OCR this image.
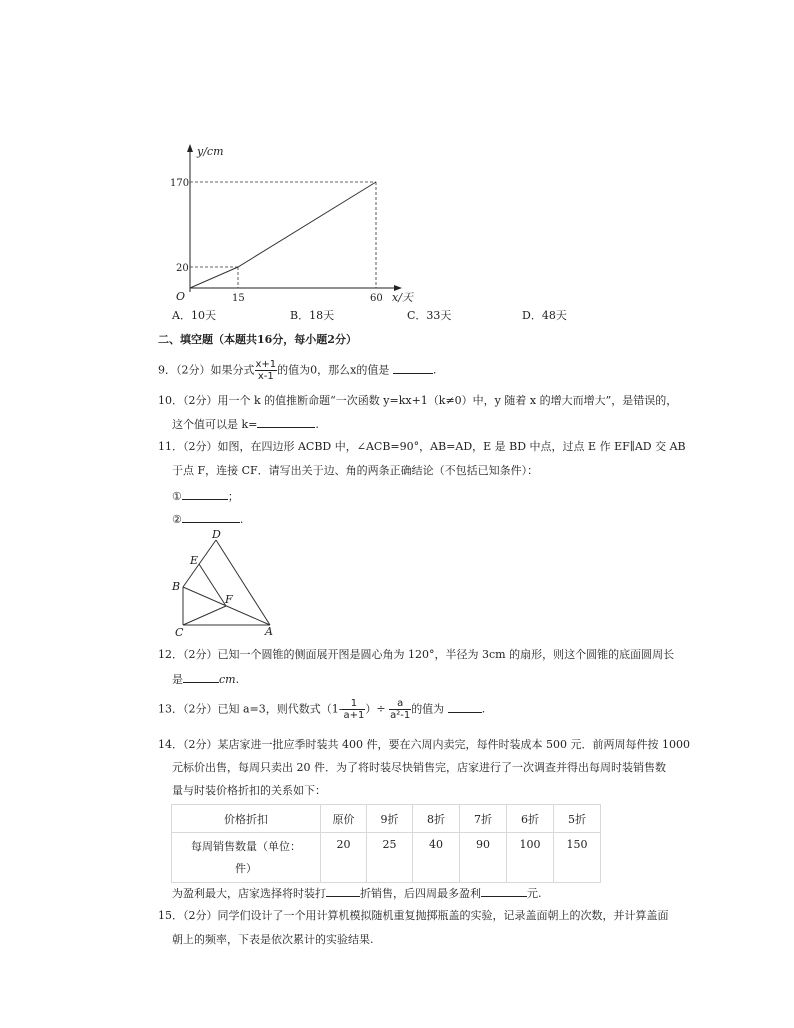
y/cm
170
20
O	15	60 x/天
A．10天	B．18天	C．33天	D．48天
二、填空题（本题共16分，每小题2分）
9．（2分）如果分式 $\frac{x+1}{x-1}$ 的值为0，那么x的值是	.
10．（2分）用一个 k 的值推断命题“一次函数 y=kx+1（k≠0）中，y 随着 x 的增大而增大”，是错误的，
这个值可以是 k=	.
11．（2分）如图，在四边形 ACBD 中，∠ACB=90°，AB=AD，E 是 BD 中点，过点 E 作 EF∥AD 交 AB
于点 F，连接 CF．请写出关于边、角的两条正确结论（不包括已知条件）：
①	；
②	.
D
E
B
F
C	A
12．（2分）已知一个圆锥的侧面展开图是圆心角为 120°，半径为 3cm 的扇形，则这个圆锥的底面圆周长
是	cm.
13．（2分）已知 a=3，则代数式（$1- \frac{1}{a+1}$ ）÷ $\frac{a}{\text{a²-1}}$ 的值为	.
14．（2分）某店家进一批应季时装共 400 件，要在六周内卖完，每件时装成本 500 元．前两周每件按 1000
元标价出售，每周只卖出 20 件．为了将时装尽快销售完，店家进行了一次调查并得出每周时装销售数
量与时装价格折扣的关系如下：
价格折扣	原价	9折	8折	7折	6折	5折

每周销售数量（单位：
件）	20	25	40	90	100	150
为盈利最大，店家选择将时装打	折销售，后四周最多盈利	元.
15．（2分）同学们设计了一个用计算机模拟随机重复抛掷瓶盖的实验，记录盖面朝上的次数，并计算盖面
朝上的频率，下表是依次累计的实验结果.
